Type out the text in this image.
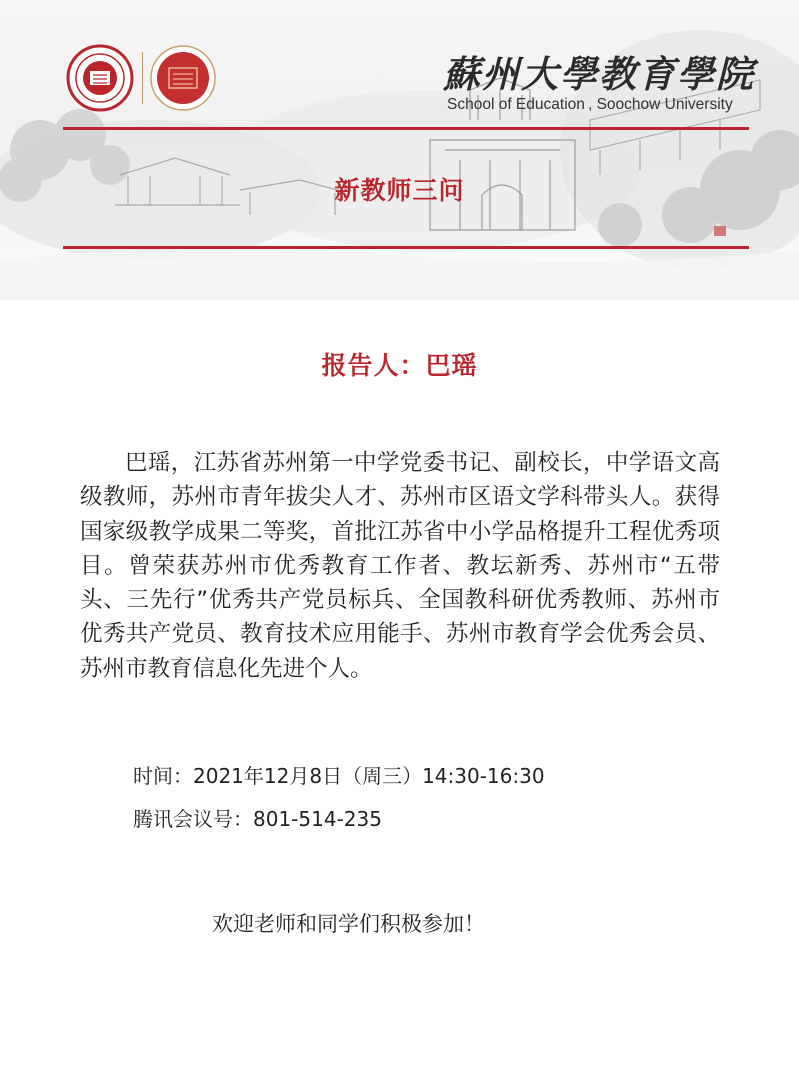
蘇州大學教育學院
School of Education , Soochow University
新教师三问
报告人：巴瑶

巴瑶，江苏省苏州第一中学党委书记、副校长，中学语文高级教师，苏州市青年拔尖人才、苏州市区语文学科带头人。获得国家级教学成果二等奖，首批江苏省中小学品格提升工程优秀项目。曾荣获苏州市优秀教育工作者、教坛新秀、苏州市“五带头、三先行”优秀共产党员标兵、全国教科研优秀教师、苏州市优秀共产党员、教育技术应用能手、苏州市教育学会优秀会员、苏州市教育信息化先进个人。

时间：2021年12月8日（周三）14:30-16:30
腾讯会议号：801-514-235
欢迎老师和同学们积极参加！
